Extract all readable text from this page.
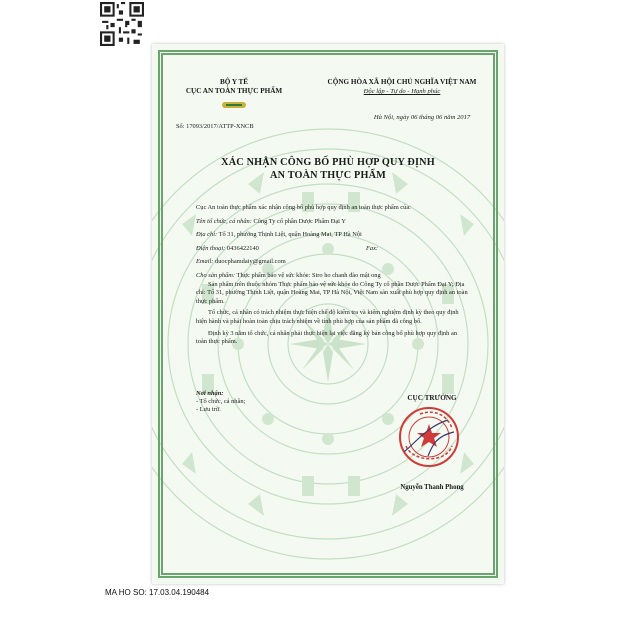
BỘ Y TẾ
CỤC AN TOÀN THỰC PHẨM
Số: 17093/2017/ATTP-XNCB
CỘNG HÒA XÃ HỘI CHỦ NGHĨA VIỆT NAM
Độc lập - Tự do - Hạnh phúc
Hà Nội, ngày 06 tháng 06 năm 2017
XÁC NHẬN CÔNG BỐ PHÙ HỢP QUY ĐỊNH
AN TOÀN THỰC PHẨM

Cục An toàn thực phẩm xác nhận công bố phù hợp quy định an toàn thực phẩm của:

Tên tổ chức, cá nhân: Công Ty cổ phần Dược Phẩm Đại Y

Địa chỉ: Tổ 31, phường Thịnh Liệt, quận Hoàng Mai, TP Hà Nội

Điện thoại: 0436422140	Fax:

Email: duocphamdaiy@gmail.com

Cho sản phẩm: Thực phẩm bảo vệ sức khỏe: Siro ho chanh đào mật ong

Sản phẩm trên thuộc nhóm Thực phẩm bảo vệ sức khỏe do Công Ty cổ phần Dược Phẩm Đại Y; Địa chỉ: Tổ 31, phường Thịnh Liệt, quận Hoàng Mai, TP Hà Nội, Việt Nam sản xuất phù hợp quy định an toàn thực phẩm.

Tổ chức, cá nhân có trách nhiệm thực hiện chế độ kiểm tra và kiểm nghiệm định kỳ theo quy định hiện hành và phải hoàn toàn chịu trách nhiệm về tính phù hợp của sản phẩm đã công bố.

Định kỳ 3 năm tổ chức, cá nhân phải thực hiện lại việc đăng ký bản công bố phù hợp quy định an toàn thực phẩm.

Nơi nhận:
- Tổ chức, cá nhân;
- Lưu trữ.
CỤC TRƯỞNG
Nguyễn Thanh Phong
MA HO SO: 17.03.04.190484
